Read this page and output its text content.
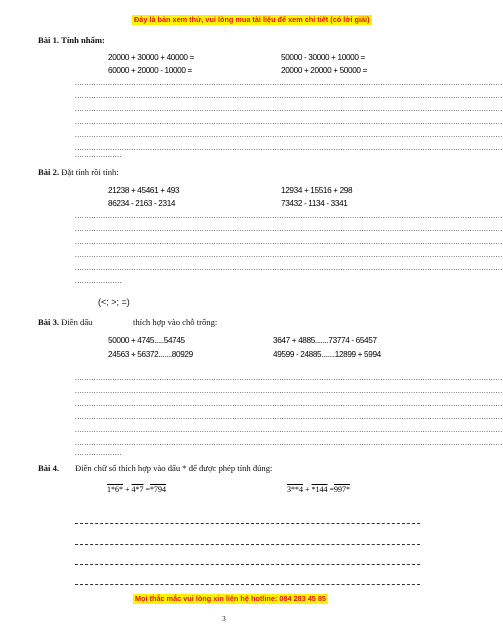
Đây là bản xem thử, vui lòng mua tài liệu để xem chi tiết (có lời giải)
Bài 1. Tính nhẩm:
20000 + 30000 + 40000 =	50000 - 30000 + 10000 =
60000 + 20000 - 10000 =	20000 + 20000 + 50000 =
......................................................................................................................................................................................
......................................................................................................................................................................................
......................................................................................................................................................................................
......................................................................................................................................................................................
......................................................................................................................................................................................
......................................................................................................................................................................................
....................
Bài 2. Đặt tính rồi tính:
21238 + 45461 + 493	12934 + 15516 + 298
86234 - 2163 - 2314	73432 - 1134 - 3341
......................................................................................................................................................................................
......................................................................................................................................................................................
......................................................................................................................................................................................
......................................................................................................................................................................................
......................................................................................................................................................................................
....................
(<; >; =)
Bài 3. Điền dấu	thích hợp vào chỗ trống:
50000 + 4745.....54745	3647 + 4885.......73774 - 65457
24563 + 56372.......80929	49599 - 24885.......12899 + 5994
......................................................................................................................................................................................
......................................................................................................................................................................................
......................................................................................................................................................................................
......................................................................................................................................................................................
......................................................................................................................................................................................
......................................................................................................................................................................................
....................
Bài 4. Điền chữ số thích hợp vào dấu * để được phép tính đúng:
1*6* + 4*7 =*794	3**4 + *144 =997*
Mọi thắc mắc vui lòng xin liên hệ hotline: 084 283 45 85
3
